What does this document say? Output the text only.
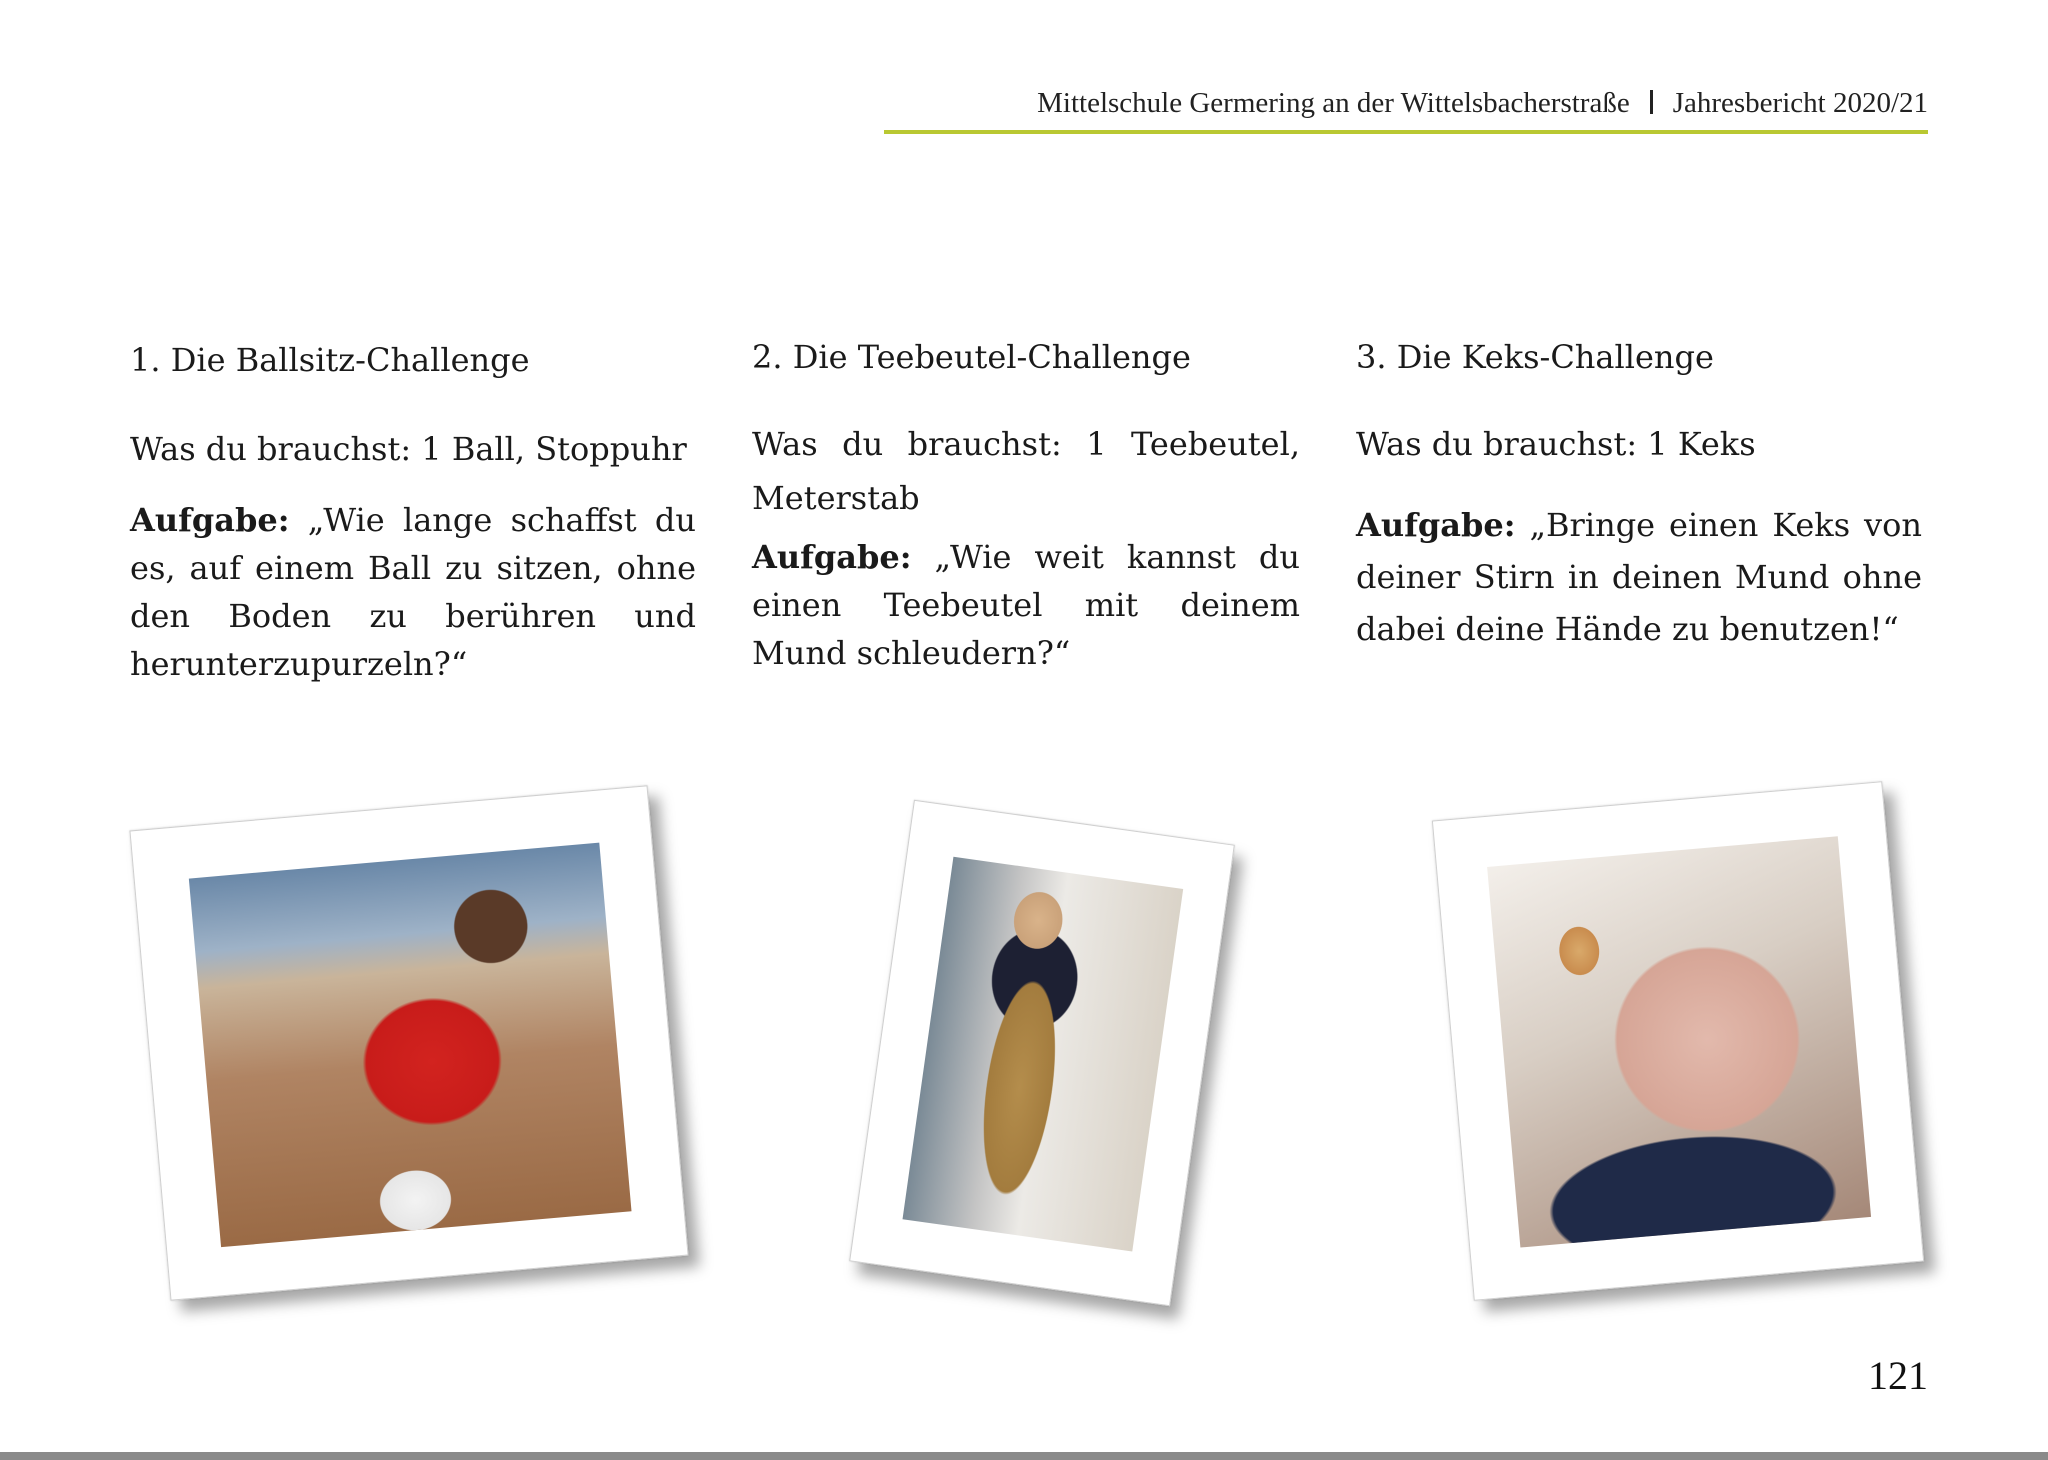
Mittelschule Germering an der Wittelsbacherstraße Jahresbericht 2020/21

1. Die Ballsitz-Challenge

Was du brauchst: 1 Ball, Stoppuhr

Aufgabe: „Wie lange schaffst du es, auf einem Ball zu sitzen, ohne den Boden zu berühren und herunterzupurzeln?“

2. Die Teebeutel-Challenge

Was du brauchst: 1 Teebeutel, Meterstab

Aufgabe: „Wie weit kannst du einen Teebeutel mit deinem Mund schleudern?“

3. Die Keks-Challenge

Was du brauchst: 1 Keks

Aufgabe: „Bringe einen Keks von deiner Stirn in deinen Mund ohne dabei deine Hände zu benutzen!“

121
